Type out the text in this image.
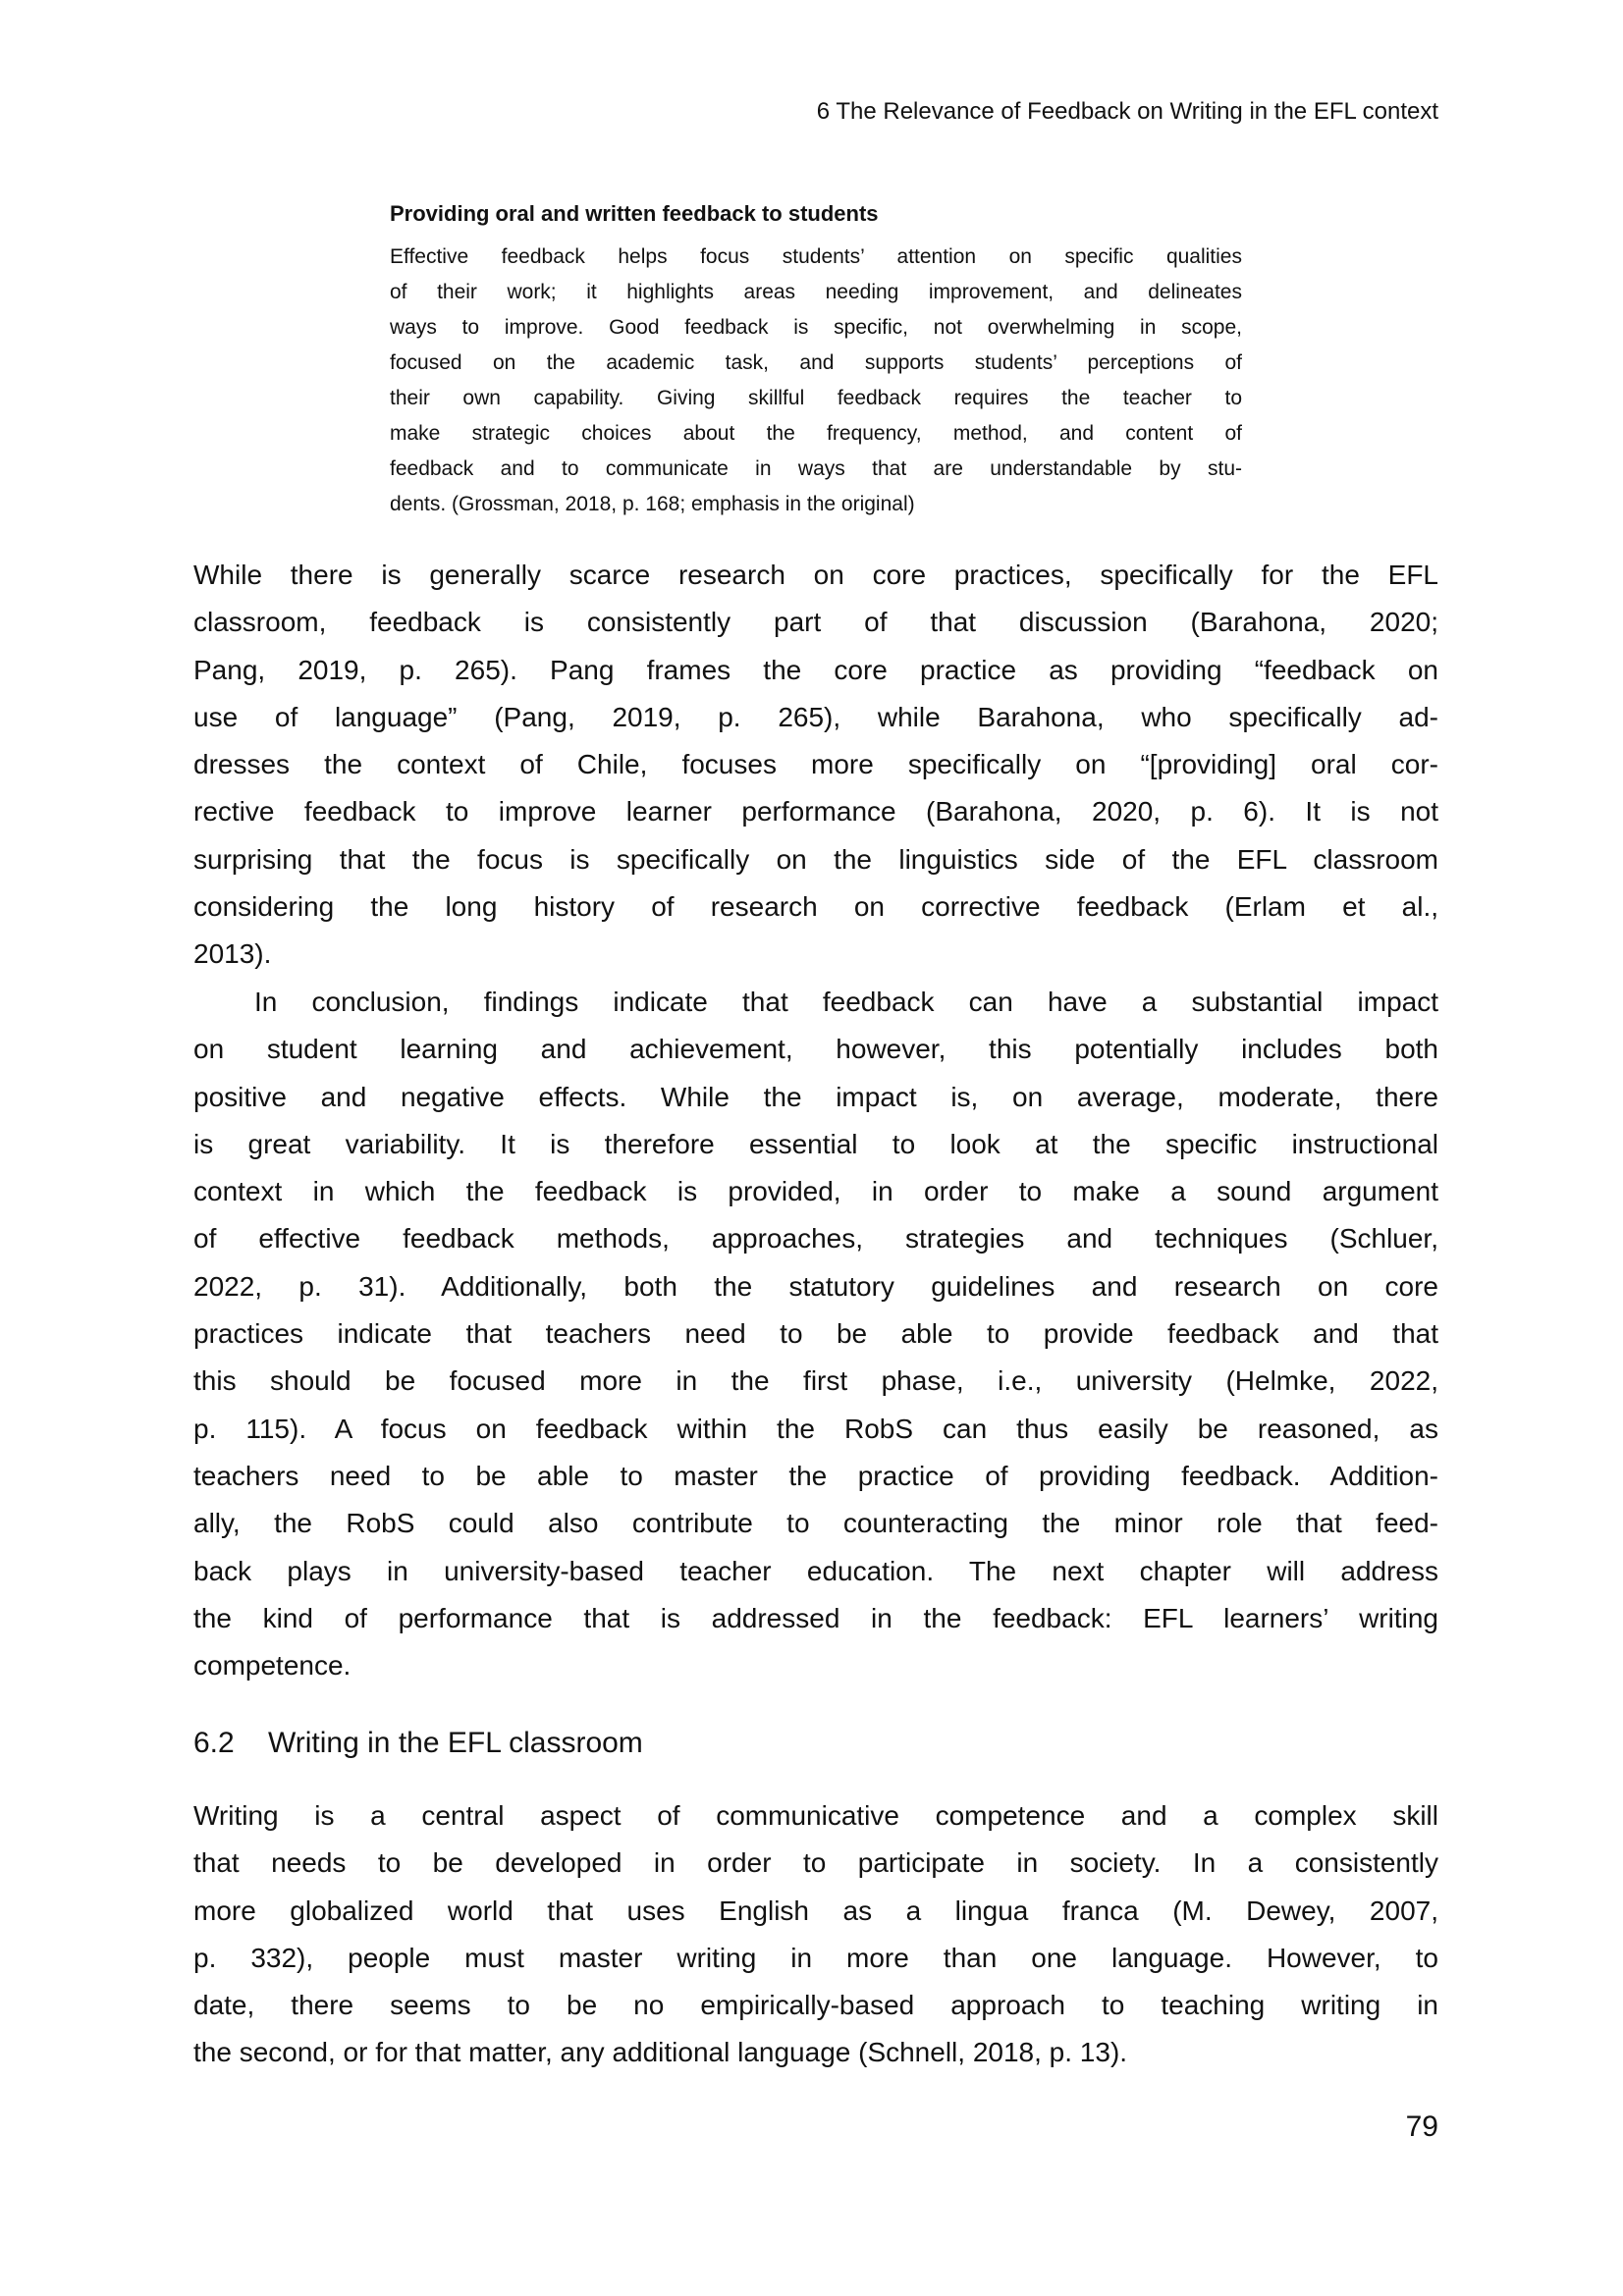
6 The Relevance of Feedback on Writing in the EFL context
Providing oral and written feedback to students
Effective feedback helps focus students’ attention on specific qualities
of their work; it highlights areas needing improvement, and delineates
ways to improve. Good feedback is specific, not overwhelming in scope,
focused on the academic task, and supports students’ perceptions of
their own capability. Giving skillful feedback requires the teacher to
make strategic choices about the frequency, method, and content of
feedback and to communicate in ways that are understandable by stu-
dents. (Grossman, 2018, p. 168; emphasis in the original)
While there is generally scarce research on core practices, specifically for the EFL
classroom, feedback is consistently part of that discussion (Barahona, 2020;
Pang, 2019, p. 265). Pang frames the core practice as providing “feedback on
use of language” (Pang, 2019, p. 265), while Barahona, who specifically ad-
dresses the context of Chile, focuses more specifically on “[providing] oral cor-
rective feedback to improve learner performance (Barahona, 2020, p. 6). It is not
surprising that the focus is specifically on the linguistics side of the EFL classroom
considering the long history of research on corrective feedback (Erlam et al.,
2013).
In conclusion, findings indicate that feedback can have a substantial impact
on student learning and achievement, however, this potentially includes both
positive and negative effects. While the impact is, on average, moderate, there
is great variability. It is therefore essential to look at the specific instructional
context in which the feedback is provided, in order to make a sound argument
of effective feedback methods, approaches, strategies and techniques (Schluer,
2022, p. 31). Additionally, both the statutory guidelines and research on core
practices indicate that teachers need to be able to provide feedback and that
this should be focused more in the first phase, i.e., university (Helmke, 2022,
p. 115). A focus on feedback within the RobS can thus easily be reasoned, as
teachers need to be able to master the practice of providing feedback. Addition-
ally, the RobS could also contribute to counteracting the minor role that feed-
back plays in university-based teacher education. The next chapter will address
the kind of performance that is addressed in the feedback: EFL learners’ writing
competence.
6.2 Writing in the EFL classroom
Writing is a central aspect of communicative competence and a complex skill
that needs to be developed in order to participate in society. In a consistently
more globalized world that uses English as a lingua franca (M. Dewey, 2007,
p. 332), people must master writing in more than one language. However, to
date, there seems to be no empirically-based approach to teaching writing in
the second, or for that matter, any additional language (Schnell, 2018, p. 13).
79
